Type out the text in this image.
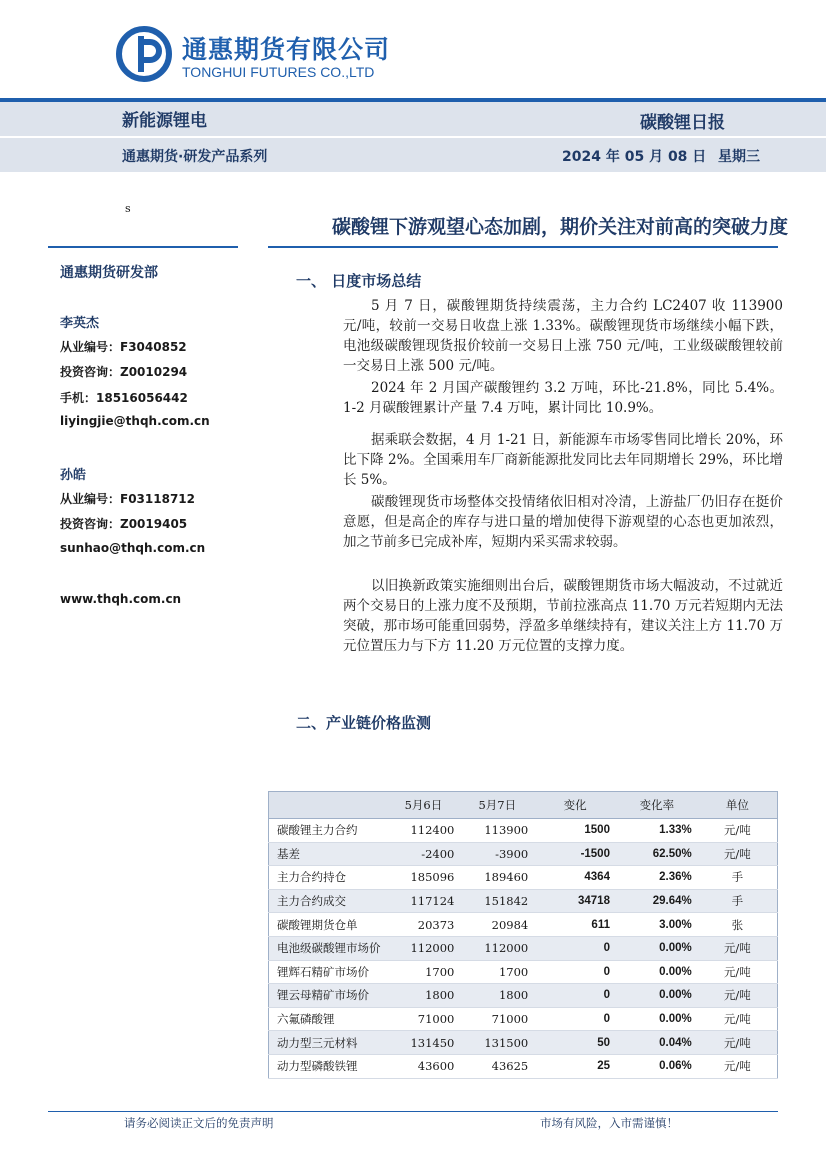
通惠期货有限公司
TONGHUI FUTURES CO.,LTD
新能源锂电	碳酸锂日报
通惠期货·研发产品系列	2024 年 05 月 08 日 星期三
s
通惠期货研发部
李英杰
从业编号：F3040852
投资咨询：Z0010294
手机：18516056442
liyingjie@thqh.com.cn
孙皓
从业编号：F03118712
投资咨询：Z0019405
sunhao@thqh.com.cn
www.thqh.com.cn
碳酸锂下游观望心态加剧，期价关注对前高的突破力度
一、 日度市场总结

5 月 7 日，碳酸锂期货持续震荡，主力合约 LC2407 收 113900 元/吨，较前一交易日收盘上涨 1.33%。碳酸锂现货市场继续小幅下跌，电池级碳酸锂现货报价较前一交易日上涨 750 元/吨，工业级碳酸锂较前一交易日上涨 500 元/吨。

2024 年 2 月国产碳酸锂约 3.2 万吨，环比-21.8%，同比 5.4%。1-2 月碳酸锂累计产量 7.4 万吨，累计同比 10.9%。

据乘联会数据，4 月 1-21 日，新能源车市场零售同比增长 20%，环比下降 2%。全国乘用车厂商新能源批发同比去年同期增长 29%，环比增长 5%。

碳酸锂现货市场整体交投情绪依旧相对冷清，上游盐厂仍旧存在挺价意愿，但是高企的库存与进口量的增加使得下游观望的心态也更加浓烈，加之节前多已完成补库，短期内采买需求较弱。

以旧换新政策实施细则出台后，碳酸锂期货市场大幅波动，不过就近两个交易日的上涨力度不及预期，节前拉涨高点 11.70 万元若短期内无法突破，那市场可能重回弱势，浮盈多单继续持有，建议关注上方 11.70 万元位置压力与下方 11.20 万元位置的支撑力度。

二、产业链价格监测
	5月6日	5月7日	变化	变化率	单位
碳酸锂主力合约	112400	113900	1500	1.33%	元/吨
基差	-2400	-3900	-1500	62.50%	元/吨
主力合约持仓	185096	189460	4364	2.36%	手
主力合约成交	117124	151842	34718	29.64%	手
碳酸锂期货仓单	20373	20984	611	3.00%	张
电池级碳酸锂市场价	112000	112000	0	0.00%	元/吨
锂辉石精矿市场价	1700	1700	0	0.00%	元/吨
锂云母精矿市场价	1800	1800	0	0.00%	元/吨
六氟磷酸锂	71000	71000	0	0.00%	元/吨
动力型三元材料	131450	131500	50	0.04%	元/吨
动力型磷酸铁锂	43600	43625	25	0.06%	元/吨
请务必阅读正文后的免责声明	市场有风险，入市需谨慎！
